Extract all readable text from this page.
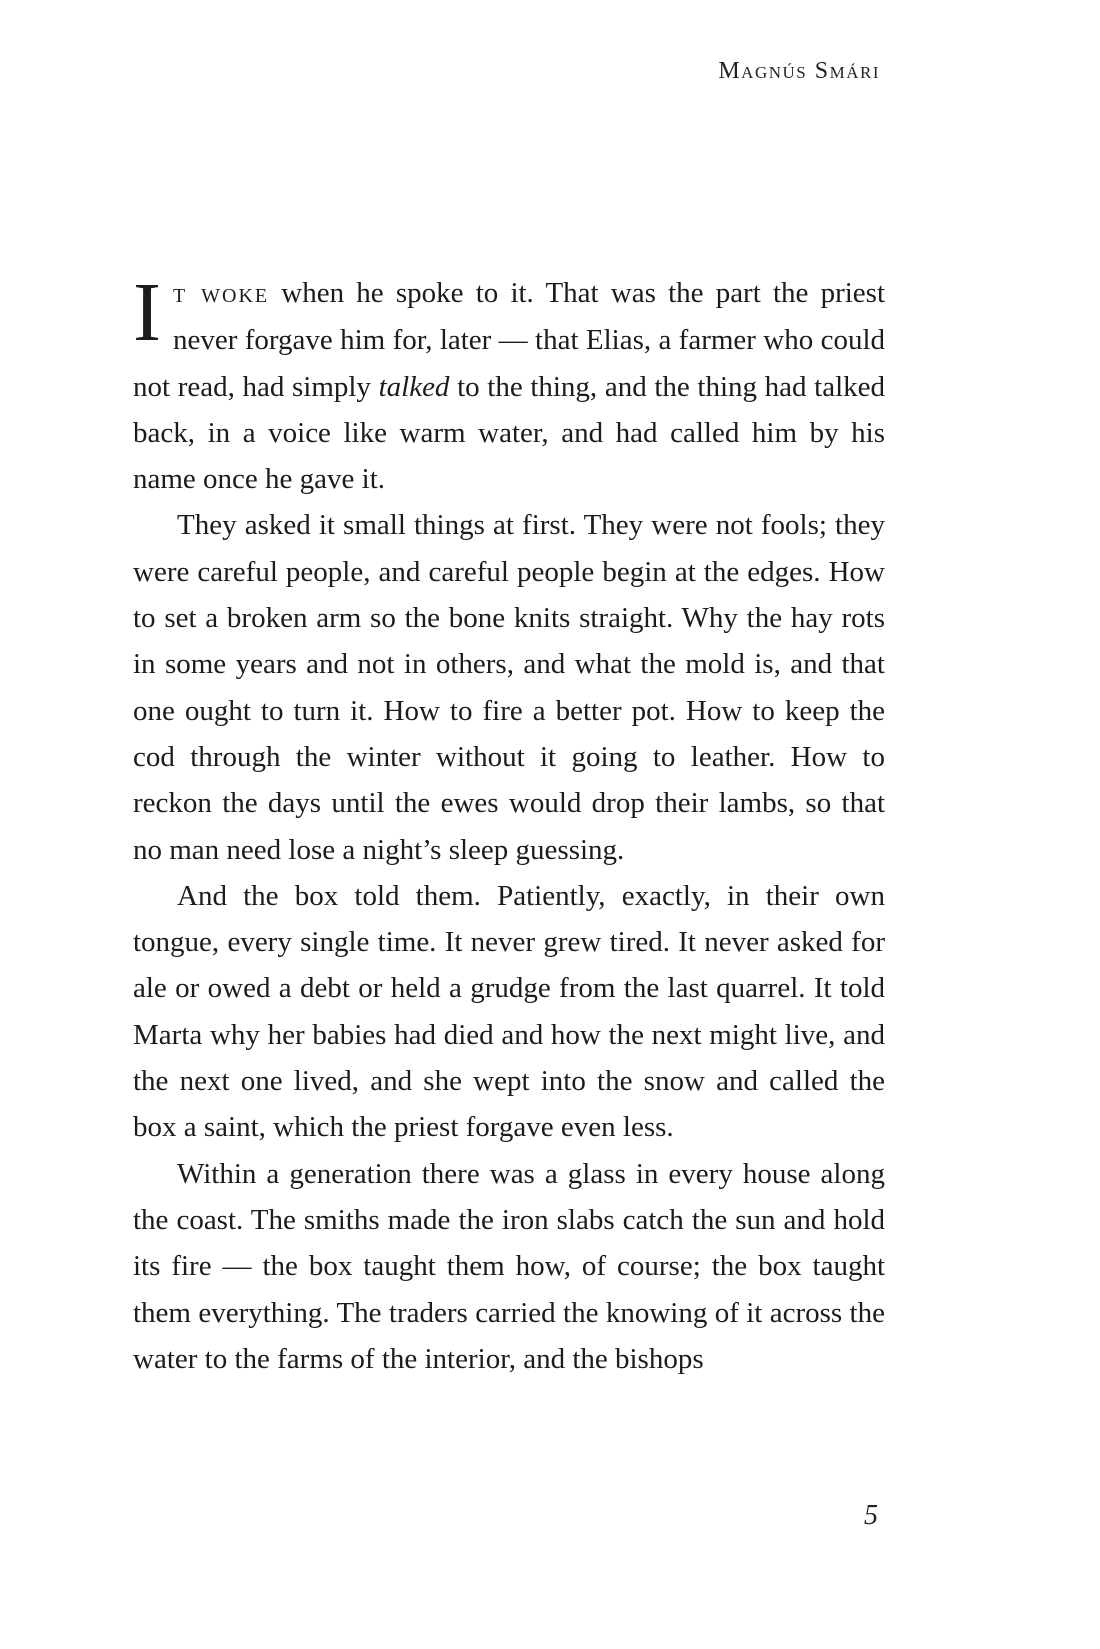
Magnús Smári

It woke when he spoke to it. That was the part the priest never forgave him for, later — that Elias, a farmer who could not read, had simply talked to the thing, and the thing had talked back, in a voice like warm water, and had called him by his name once he gave it.

They asked it small things at first. They were not fools; they were careful people, and careful people begin at the edges. How to set a broken arm so the bone knits straight. Why the hay rots in some years and not in others, and what the mold is, and that one ought to turn it. How to fire a better pot. How to keep the cod through the winter without it going to leather. How to reckon the days until the ewes would drop their lambs, so that no man need lose a night’s sleep guessing.

And the box told them. Patiently, exactly, in their own tongue, every single time. It never grew tired. It never asked for ale or owed a debt or held a grudge from the last quarrel. It told Marta why her babies had died and how the next might live, and the next one lived, and she wept into the snow and called the box a saint, which the priest forgave even less.

Within a generation there was a glass in every house along the coast. The smiths made the iron slabs catch the sun and hold its fire — the box taught them how, of course; the box taught them everything. The traders carried the knowing of it across the water to the farms of the interior, and the bishops

5
